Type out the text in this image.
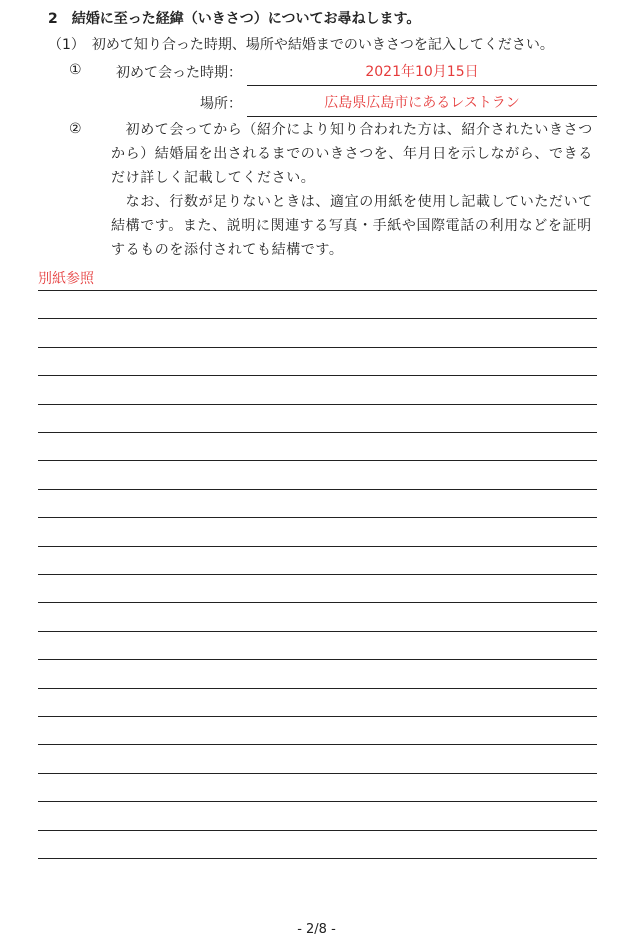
2　結婚に至った経緯（いきさつ）についてお尋ねします。
（1）　初めて知り合った時期、場所や結婚までのいきさつを記入してください。
①	初めて会った時期：	2021年10月15日
場所：	広島県広島市にあるレストラン
② 　初めて会ってから（紹介により知り合われた方は、紹介されたいきさつから）結婚届を出されるまでのいきさつを、年月日を示しながら、できるだけ詳しく記載してください。
　なお、行数が足りないときは、適宜の用紙を使用し記載していただいて結構です。また、説明に関連する写真・手紙や国際電話の利用などを証明するものを添付されても結構です。
別紙参照
- 2/8 -
